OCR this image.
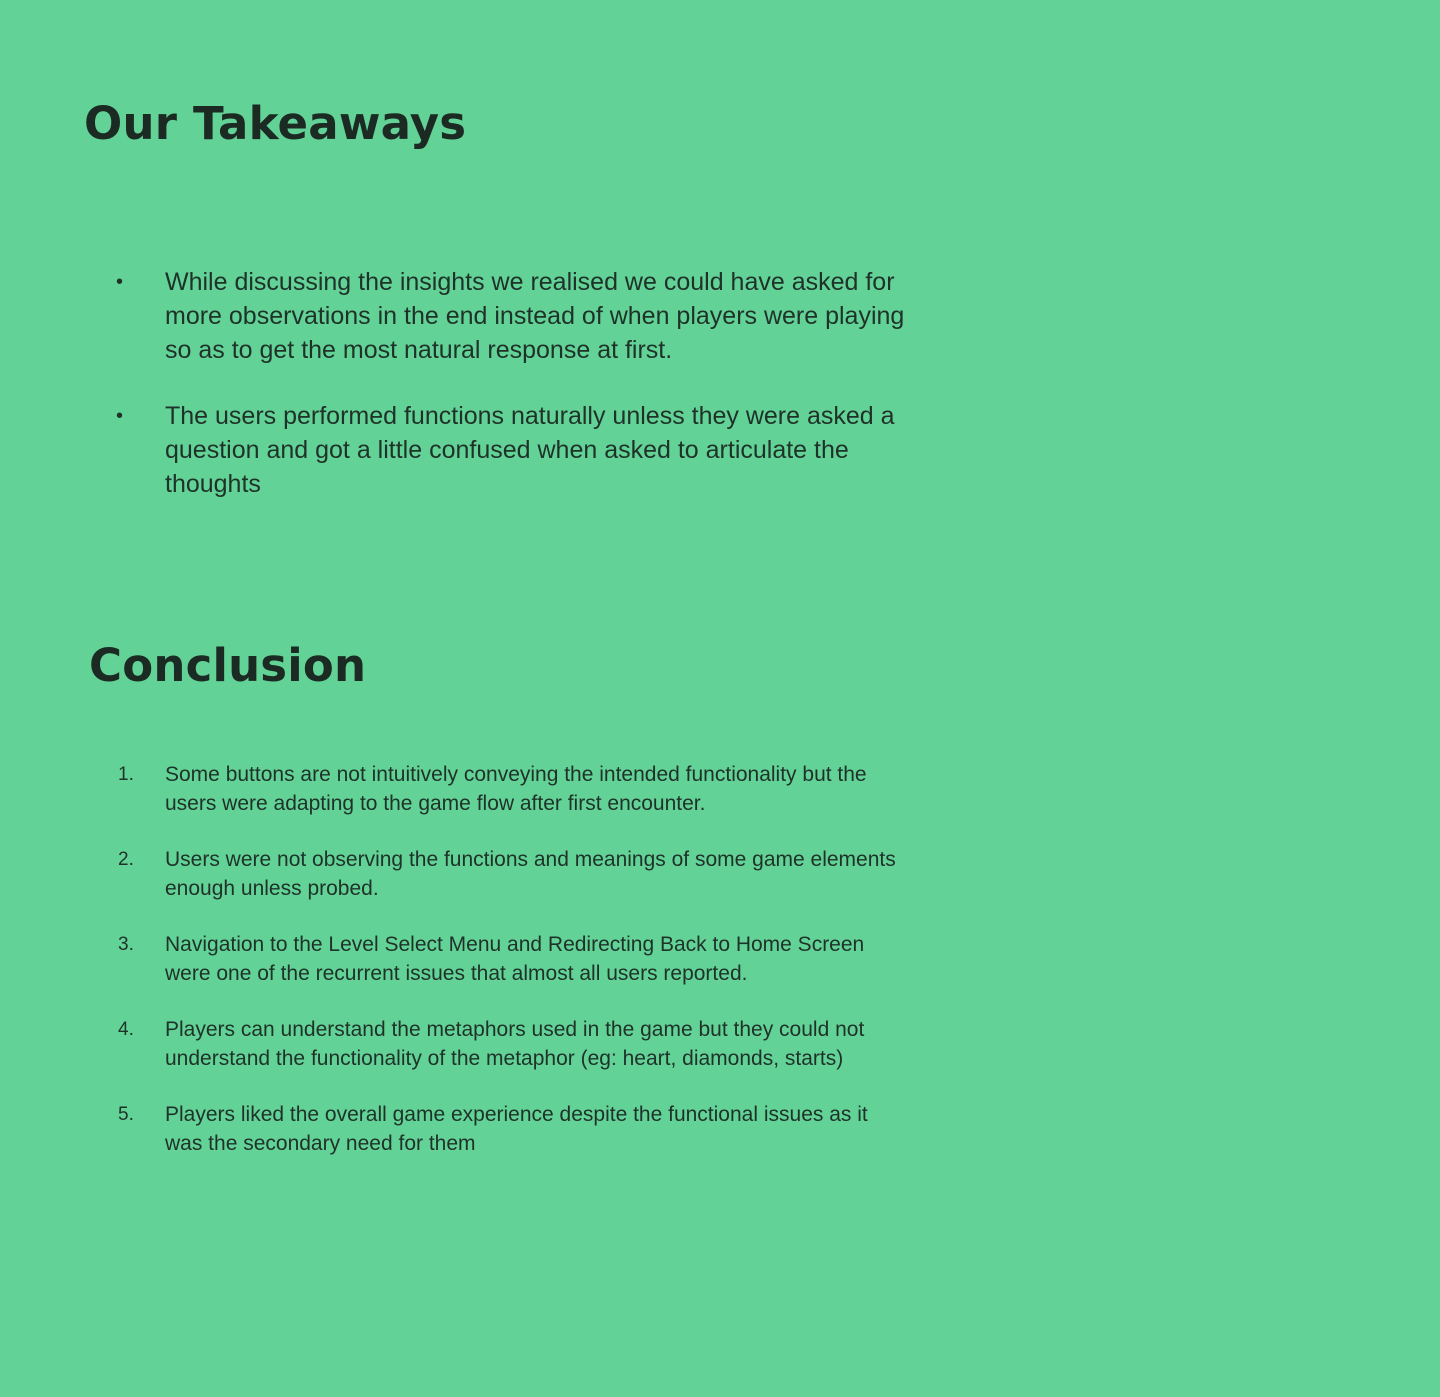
Our Takeaways
• While discussing the insights we realised we could have asked for more observations in the end instead of when players were playing so as to get the most natural response at first.
• The users performed functions naturally unless they were asked a question and got a little confused when asked to articulate the thoughts
Conclusion
1. Some buttons are not intuitively conveying the intended functionality but the users were adapting to the game flow after first encounter.
2. Users were not observing the functions and meanings of some game elements enough unless probed.
3. Navigation to the Level Select Menu and Redirecting Back to Home Screen were one of the recurrent issues that almost all users reported.
4. Players can understand the metaphors used in the game but they could not understand the functionality of the metaphor (eg: heart, diamonds, starts)
5. Players liked the overall game experience despite the functional issues as it was the secondary need for them
